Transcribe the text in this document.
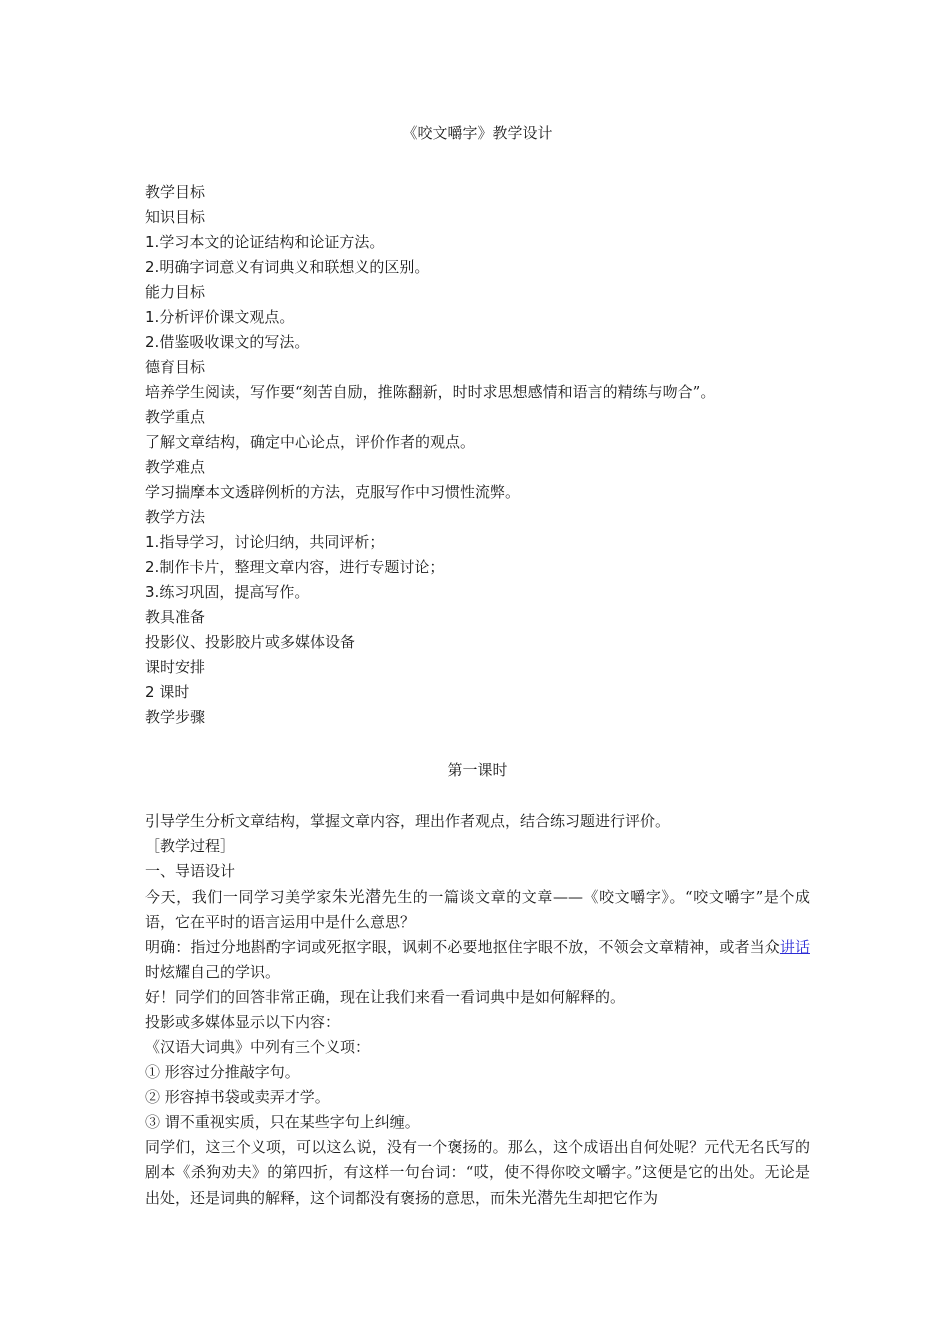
《咬文嚼字》教学设计

教学目标

知识目标

1.学习本文的论证结构和论证方法。

2.明确字词意义有词典义和联想义的区别。

能力目标

1.分析评价课文观点。

2.借鉴吸收课文的写法。

德育目标

培养学生阅读，写作要“刻苦自励，推陈翻新，时时求思想感情和语言的精练与吻合”。

教学重点

了解文章结构，确定中心论点，评价作者的观点。

教学难点

学习揣摩本文透辟例析的方法，克服写作中习惯性流弊。

教学方法

1.指导学习，讨论归纳，共同评析；

2.制作卡片，整理文章内容，进行专题讨论；

3.练习巩固，提高写作。

教具准备

投影仪、投影胶片或多媒体设备

课时安排

2 课时

教学步骤

第一课时

引导学生分析文章结构，掌握文章内容，理出作者观点，结合练习题进行评价。

［教学过程］

一、导语设计

今天，我们一同学习美学家朱光潜先生的一篇谈文章的文章——《咬文嚼字》。“咬文嚼字”是个成语，它在平时的语言运用中是什么意思？

明确：指过分地斟酌字词或死抠字眼，讽刺不必要地抠住字眼不放，不领会文章精神，或者当众讲话时炫耀自己的学识。

好！同学们的回答非常正确，现在让我们来看一看词典中是如何解释的。

投影或多媒体显示以下内容：

《汉语大词典》中列有三个义项：

① 形容过分推敲字句。

② 形容掉书袋或卖弄才学。

③ 谓不重视实质，只在某些字句上纠缠。

同学们，这三个义项，可以这么说，没有一个褒扬的。那么，这个成语出自何处呢？元代无名氏写的剧本《杀狗劝夫》的第四折，有这样一句台词：“哎，使不得你咬文嚼字。”这便是它的出处。无论是出处，还是词典的解释，这个词都没有褒扬的意思，而朱光潜先生却把它作为
